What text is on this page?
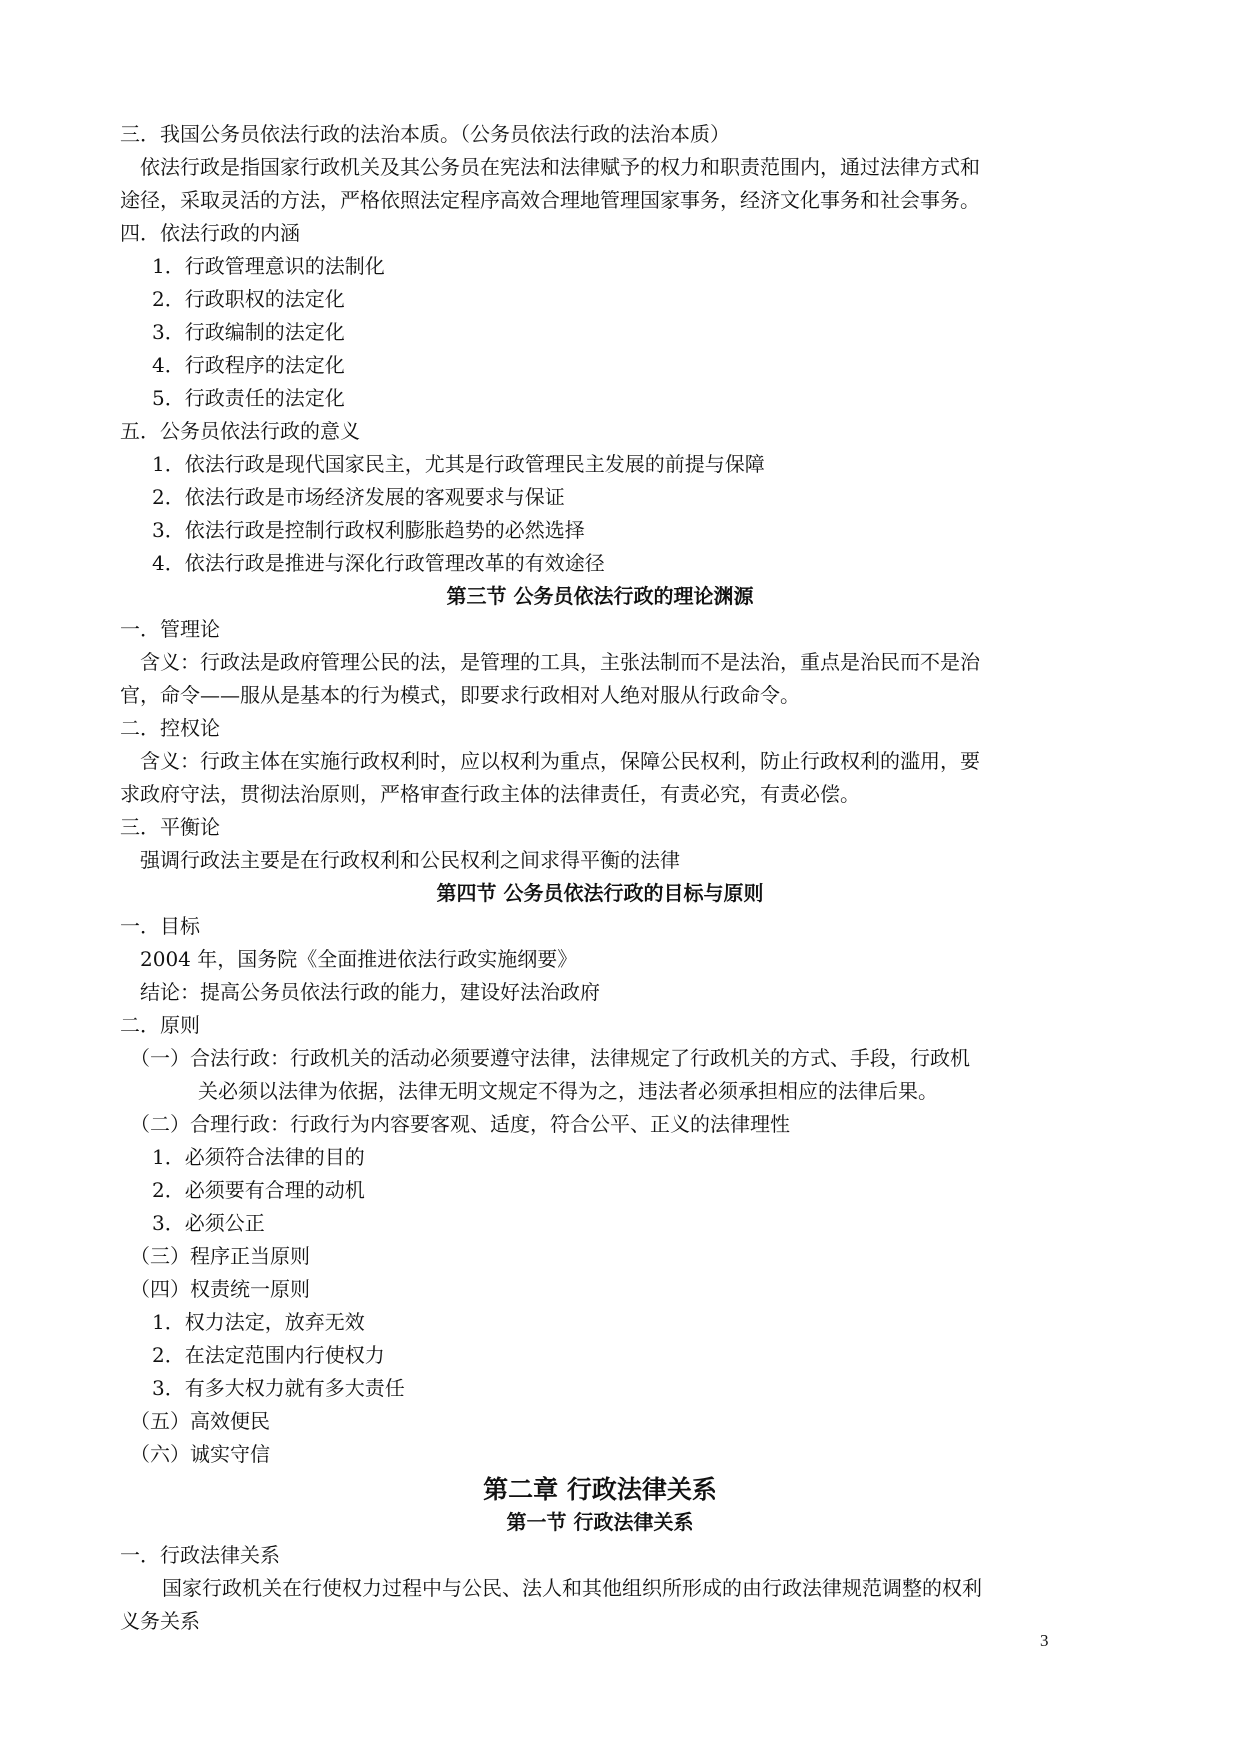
三．我国公务员依法行政的法治本质。（公务员依法行政的法治本质）
依法行政是指国家行政机关及其公务员在宪法和法律赋予的权力和职责范围内，通过法律方式和
途径，采取灵活的方法，严格依照法定程序高效合理地管理国家事务，经济文化事务和社会事务。
四．依法行政的内涵
1．行政管理意识的法制化
2．行政职权的法定化
3．行政编制的法定化
4．行政程序的法定化
5．行政责任的法定化
五．公务员依法行政的意义
1．依法行政是现代国家民主，尤其是行政管理民主发展的前提与保障
2．依法行政是市场经济发展的客观要求与保证
3．依法行政是控制行政权利膨胀趋势的必然选择
4．依法行政是推进与深化行政管理改革的有效途径
第三节 公务员依法行政的理论渊源
一．管理论
含义：行政法是政府管理公民的法，是管理的工具，主张法制而不是法治，重点是治民而不是治
官，命令——服从是基本的行为模式，即要求行政相对人绝对服从行政命令。
二．控权论
含义：行政主体在实施行政权利时，应以权利为重点，保障公民权利，防止行政权利的滥用，要
求政府守法，贯彻法治原则，严格审查行政主体的法律责任，有责必究，有责必偿。
三．平衡论
强调行政法主要是在行政权利和公民权利之间求得平衡的法律
第四节 公务员依法行政的目标与原则
一．目标
2004 年，国务院《全面推进依法行政实施纲要》
结论：提高公务员依法行政的能力，建设好法治政府
二．原则
（一）合法行政：行政机关的活动必须要遵守法律，法律规定了行政机关的方式、手段，行政机
关必须以法律为依据，法律无明文规定不得为之，违法者必须承担相应的法律后果。
（二）合理行政：行政行为内容要客观、适度，符合公平、正义的法律理性
1．必须符合法律的目的
2．必须要有合理的动机
3．必须公正
（三）程序正当原则
（四）权责统一原则
1．权力法定，放弃无效
2．在法定范围内行使权力
3．有多大权力就有多大责任
（五）高效便民
（六）诚实守信
第二章 行政法律关系
第一节 行政法律关系
一．行政法律关系
国家行政机关在行使权力过程中与公民、法人和其他组织所形成的由行政法律规范调整的权利
义务关系
3
